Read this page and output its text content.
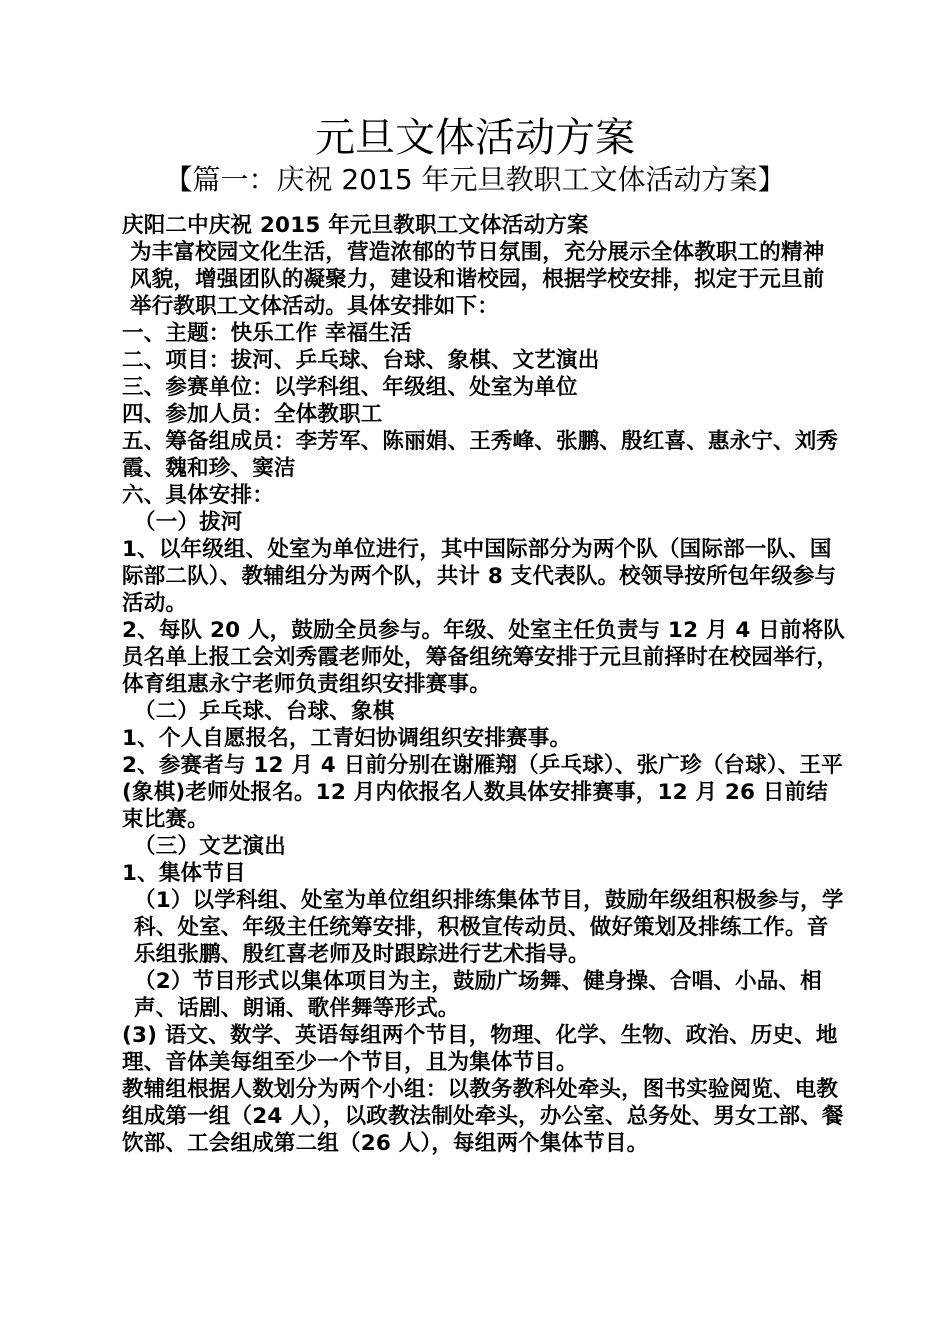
元旦文体活动方案
【篇一：庆祝 2015 年元旦教职工文体活动方案】

庆阳二中庆祝 2015 年元旦教职工文体活动方案

为丰富校园文化生活，营造浓郁的节日氛围，充分展示全体教职工的精神风貌，增强团队的凝聚力，建设和谐校园，根据学校安排，拟定于元旦前举行教职工文体活动。具体安排如下：

一、主题：快乐工作 幸福生活

二、项目：拔河、乒乓球、台球、象棋、文艺演出

三、参赛单位：以学科组、年级组、处室为单位

四、参加人员：全体教职工

五、筹备组成员：李芳军、陈丽娟、王秀峰、张鹏、殷红喜、惠永宁、刘秀霞、魏和珍、窦洁

六、具体安排：

（一）拔河

1、以年级组、处室为单位进行，其中国际部分为两个队（国际部一队、国际部二队）、教辅组分为两个队，共计 8 支代表队。校领导按所包年级参与活动。

2、每队 20 人，鼓励全员参与。年级、处室主任负责与 12 月 4 日前将队员名单上报工会刘秀霞老师处，筹备组统筹安排于元旦前择时在校园举行，体育组惠永宁老师负责组织安排赛事。

（二）乒乓球、台球、象棋

1、个人自愿报名，工青妇协调组织安排赛事。

2、参赛者与 12 月 4 日前分别在谢雁翔（乒乓球）、张广珍（台球）、王平(象棋)老师处报名。12 月内依报名人数具体安排赛事，12 月 26 日前结束比赛。

（三）文艺演出

1、集体节目

（1）以学科组、处室为单位组织排练集体节目，鼓励年级组积极参与，学科、处室、年级主任统筹安排，积极宣传动员、做好策划及排练工作。音乐组张鹏、殷红喜老师及时跟踪进行艺术指导。

（2）节目形式以集体项目为主，鼓励广场舞、健身操、合唱、小品、相声、话剧、朗诵、歌伴舞等形式。

(3) 语文、数学、英语每组两个节目，物理、化学、生物、政治、历史、地理、音体美每组至少一个节目，且为集体节目。

教辅组根据人数划分为两个小组：以教务教科处牵头，图书实验阅览、电教组成第一组（24 人），以政教法制处牵头，办公室、总务处、男女工部、餐饮部、工会组成第二组（26 人），每组两个集体节目。
